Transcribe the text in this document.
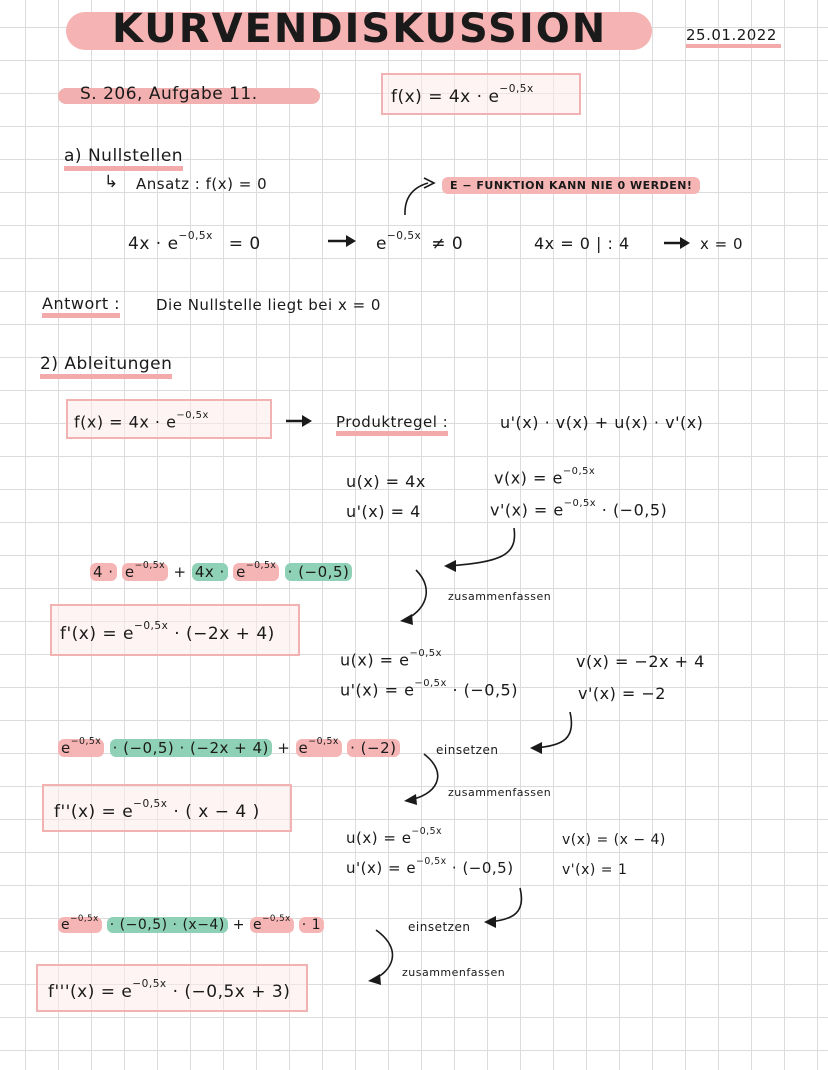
KURVENDISKUSSION	25.01.2022
S. 206, Aufgabe 11.	$f(x) = 4x \cdot e^{-0,5x}$
a) Nullstellen
↳ Ansatz : f(x) = 0	E − FUNKTION KANN NIE 0 WERDEN!
$4x \cdot e^{-0,5x} = 0$	$e^{-0,5x} \ne 0$	4x = 0 | : 4	x = 0
Antwort : Die Nullstelle liegt bei x = 0
2) Ableitungen
$f(x) = 4x \cdot e^{-0,5x}$	Produktregel :	u'(x) · v(x) + u(x) · v'(x)
u(x) = 4x
u'(x) = 4
$v(x) = e^{-0,5x}$
$v'(x) = e^{-0,5x} \cdot (-0,5)$
$4 \cdot e^{-0,5x} + 4x \cdot e^{-0,5x} \cdot (-0,5)$
zusammenfassen
$f'(x) = e^{-0,5x} \cdot (-2x + 4)$
$u(x) = e^{-0,5x}$
$u'(x) = e^{-0,5x} \cdot (-0,5)$
v(x) = −2x + 4
v'(x) = −2
$e^{-0,5x} \cdot (-0,5) \cdot (-2x + 4) + e^{-0,5x} \cdot (-2)$	einsetzen
zusammenfassen
$f''(x) = e^{-0,5x}$ · ( x − 4 )
$u(x) = e^{-0,5x}$
$u'(x) = e^{-0,5x} \cdot (-0,5)$
v(x) = (x − 4)
v'(x) = 1
$e^{-0,5x} \cdot (-0,5) \cdot (x-4) + e^{-0,5x} \cdot 1$	einsetzen
zusammenfassen
$f'''(x) = e^{-0,5x} \cdot (-0,5x + 3)$
